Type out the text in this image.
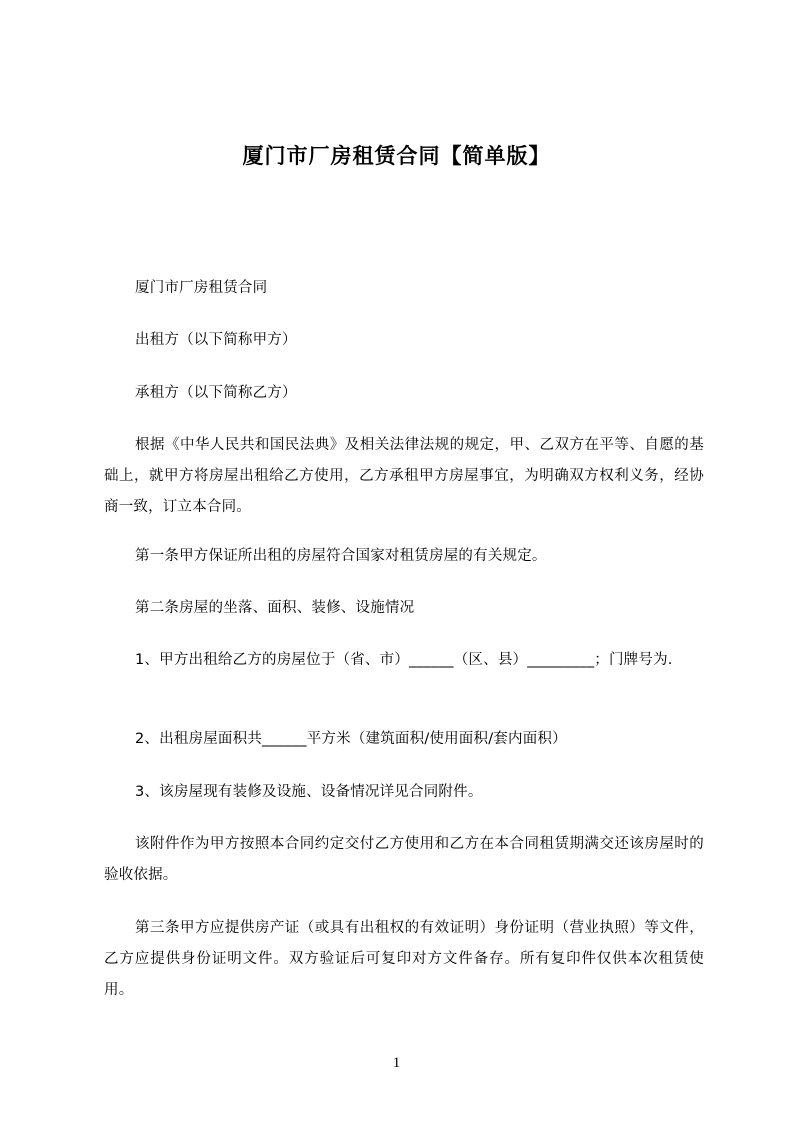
厦门市厂房租赁合同【简单版】

厦门市厂房租赁合同

出租方（以下简称甲方）

承租方（以下简称乙方）

根据《中华人民共和国民法典》及相关法律法规的规定，甲、乙双方在平等、自愿的基础上，就甲方将房屋出租给乙方使用，乙方承租甲方房屋事宜，为明确双方权利义务，经协商一致，订立本合同。

第一条甲方保证所出租的房屋符合国家对租赁房屋的有关规定。

第二条房屋的坐落、面积、装修、设施情况

1、甲方出租给乙方的房屋位于（省、市）______（区、县）_________；门牌号为.

2、出租房屋面积共______平方米（建筑面积/使用面积/套内面积）

3、该房屋现有装修及设施、设备情况详见合同附件。

该附件作为甲方按照本合同约定交付乙方使用和乙方在本合同租赁期满交还该房屋时的验收依据。

第三条甲方应提供房产证（或具有出租权的有效证明）身份证明（营业执照）等文件，乙方应提供身份证明文件。双方验证后可复印对方文件备存。所有复印件仅供本次租赁使用。

1
